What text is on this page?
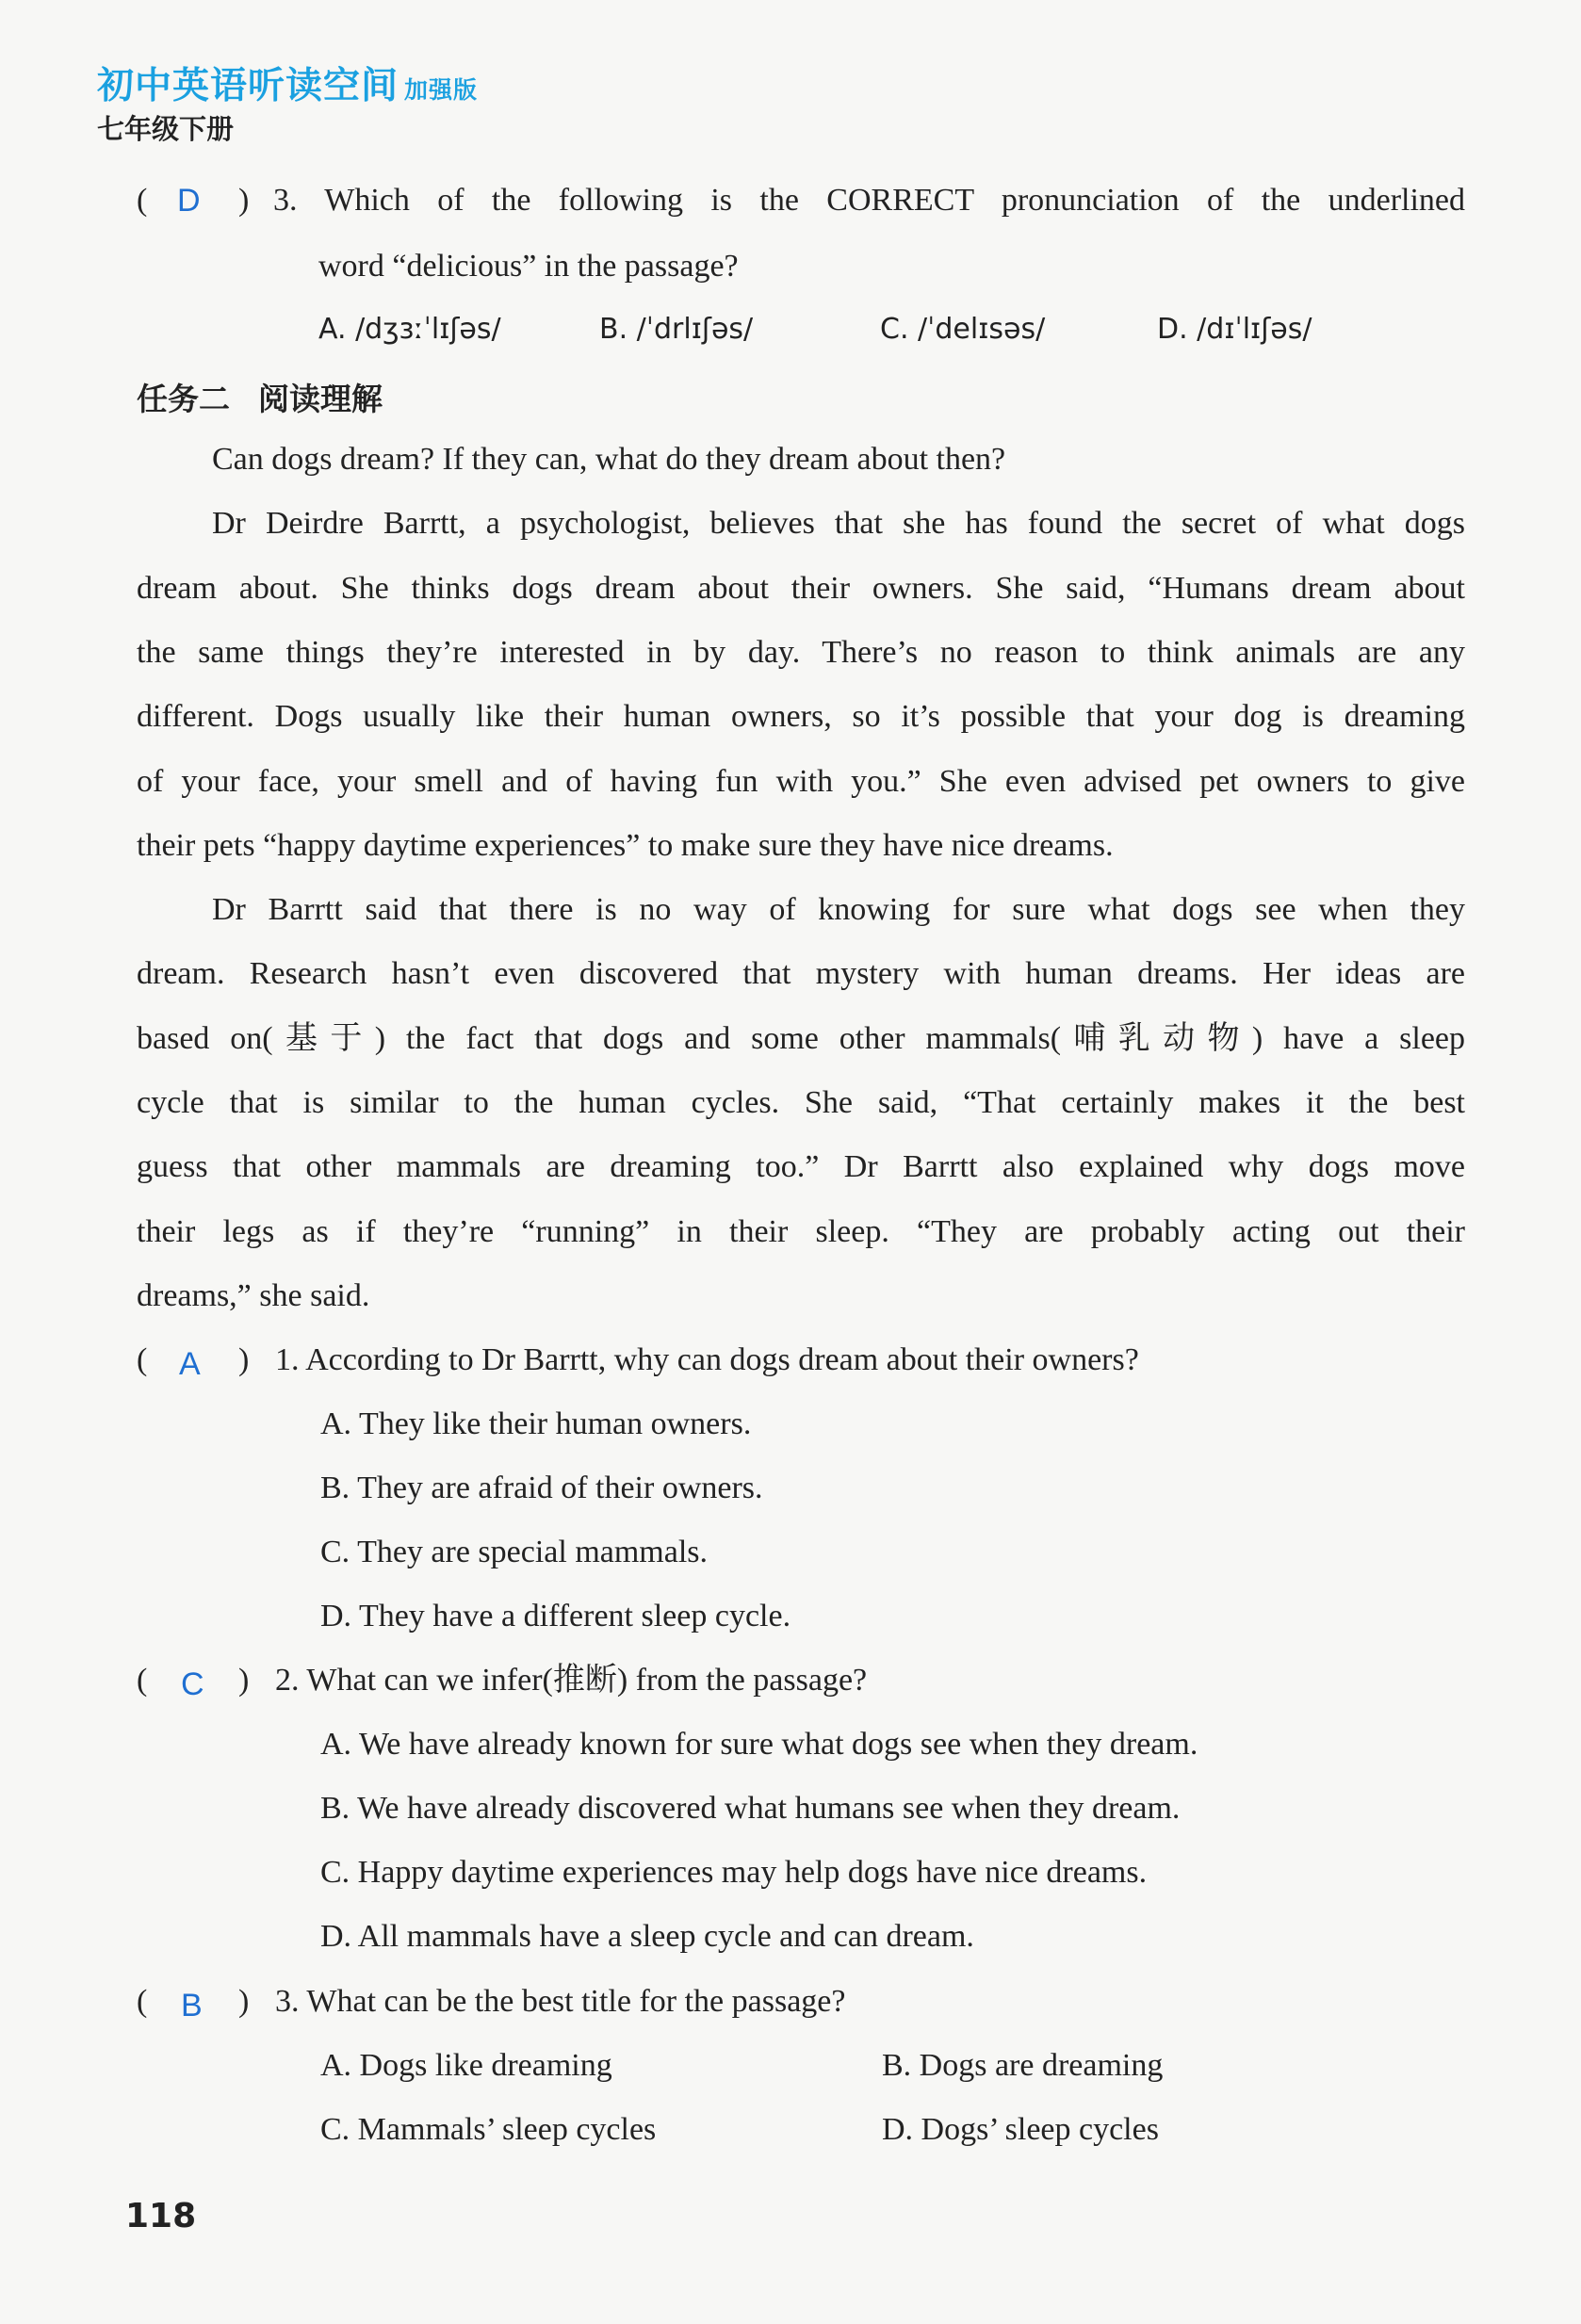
初中英语听读空间 加强版
七年级下册
( D ) 3. Which of the following is the CORRECT pronunciation of the underlined
word “delicious” in the passage?
A. /dʒɜːˈlɪʃəs/	B. /ˈdrlɪʃəs/	C. /ˈdelɪsəs/	D. /dɪˈlɪʃəs/
任务二 阅读理解
Can dogs dream? If they can, what do they dream about then?
Dr Deirdre Barrtt, a psychologist, believes that she has found the secret of what dogs
dream about. She thinks dogs dream about their owners. She said, “Humans dream about
the same things they’re interested in by day. There’s no reason to think animals are any
different. Dogs usually like their human owners, so it’s possible that your dog is dreaming
of your face, your smell and of having fun with you.” She even advised pet owners to give
their pets “happy daytime experiences” to make sure they have nice dreams.
Dr Barrtt said that there is no way of knowing for sure what dogs see when they
dream. Research hasn’t even discovered that mystery with human dreams. Her ideas are
based on(基于) the fact that dogs and some other mammals(哺乳动物) have a sleep
cycle that is similar to the human cycles. She said, “That certainly makes it the best
guess that other mammals are dreaming too.” Dr Barrtt also explained why dogs move
their legs as if they’re “running” in their sleep. “They are probably acting out their
dreams,” she said.
( A ) 1. According to Dr Barrtt, why can dogs dream about their owners?
A. They like their human owners.
B. They are afraid of their owners.
C. They are special mammals.
D. They have a different sleep cycle.
( C ) 2. What can we infer(推断) from the passage?
A. We have already known for sure what dogs see when they dream.
B. We have already discovered what humans see when they dream.
C. Happy daytime experiences may help dogs have nice dreams.
D. All mammals have a sleep cycle and can dream.
( B ) 3. What can be the best title for the passage?
A. Dogs like dreaming	B. Dogs are dreaming
C. Mammals’ sleep cycles	D. Dogs’ sleep cycles
118
